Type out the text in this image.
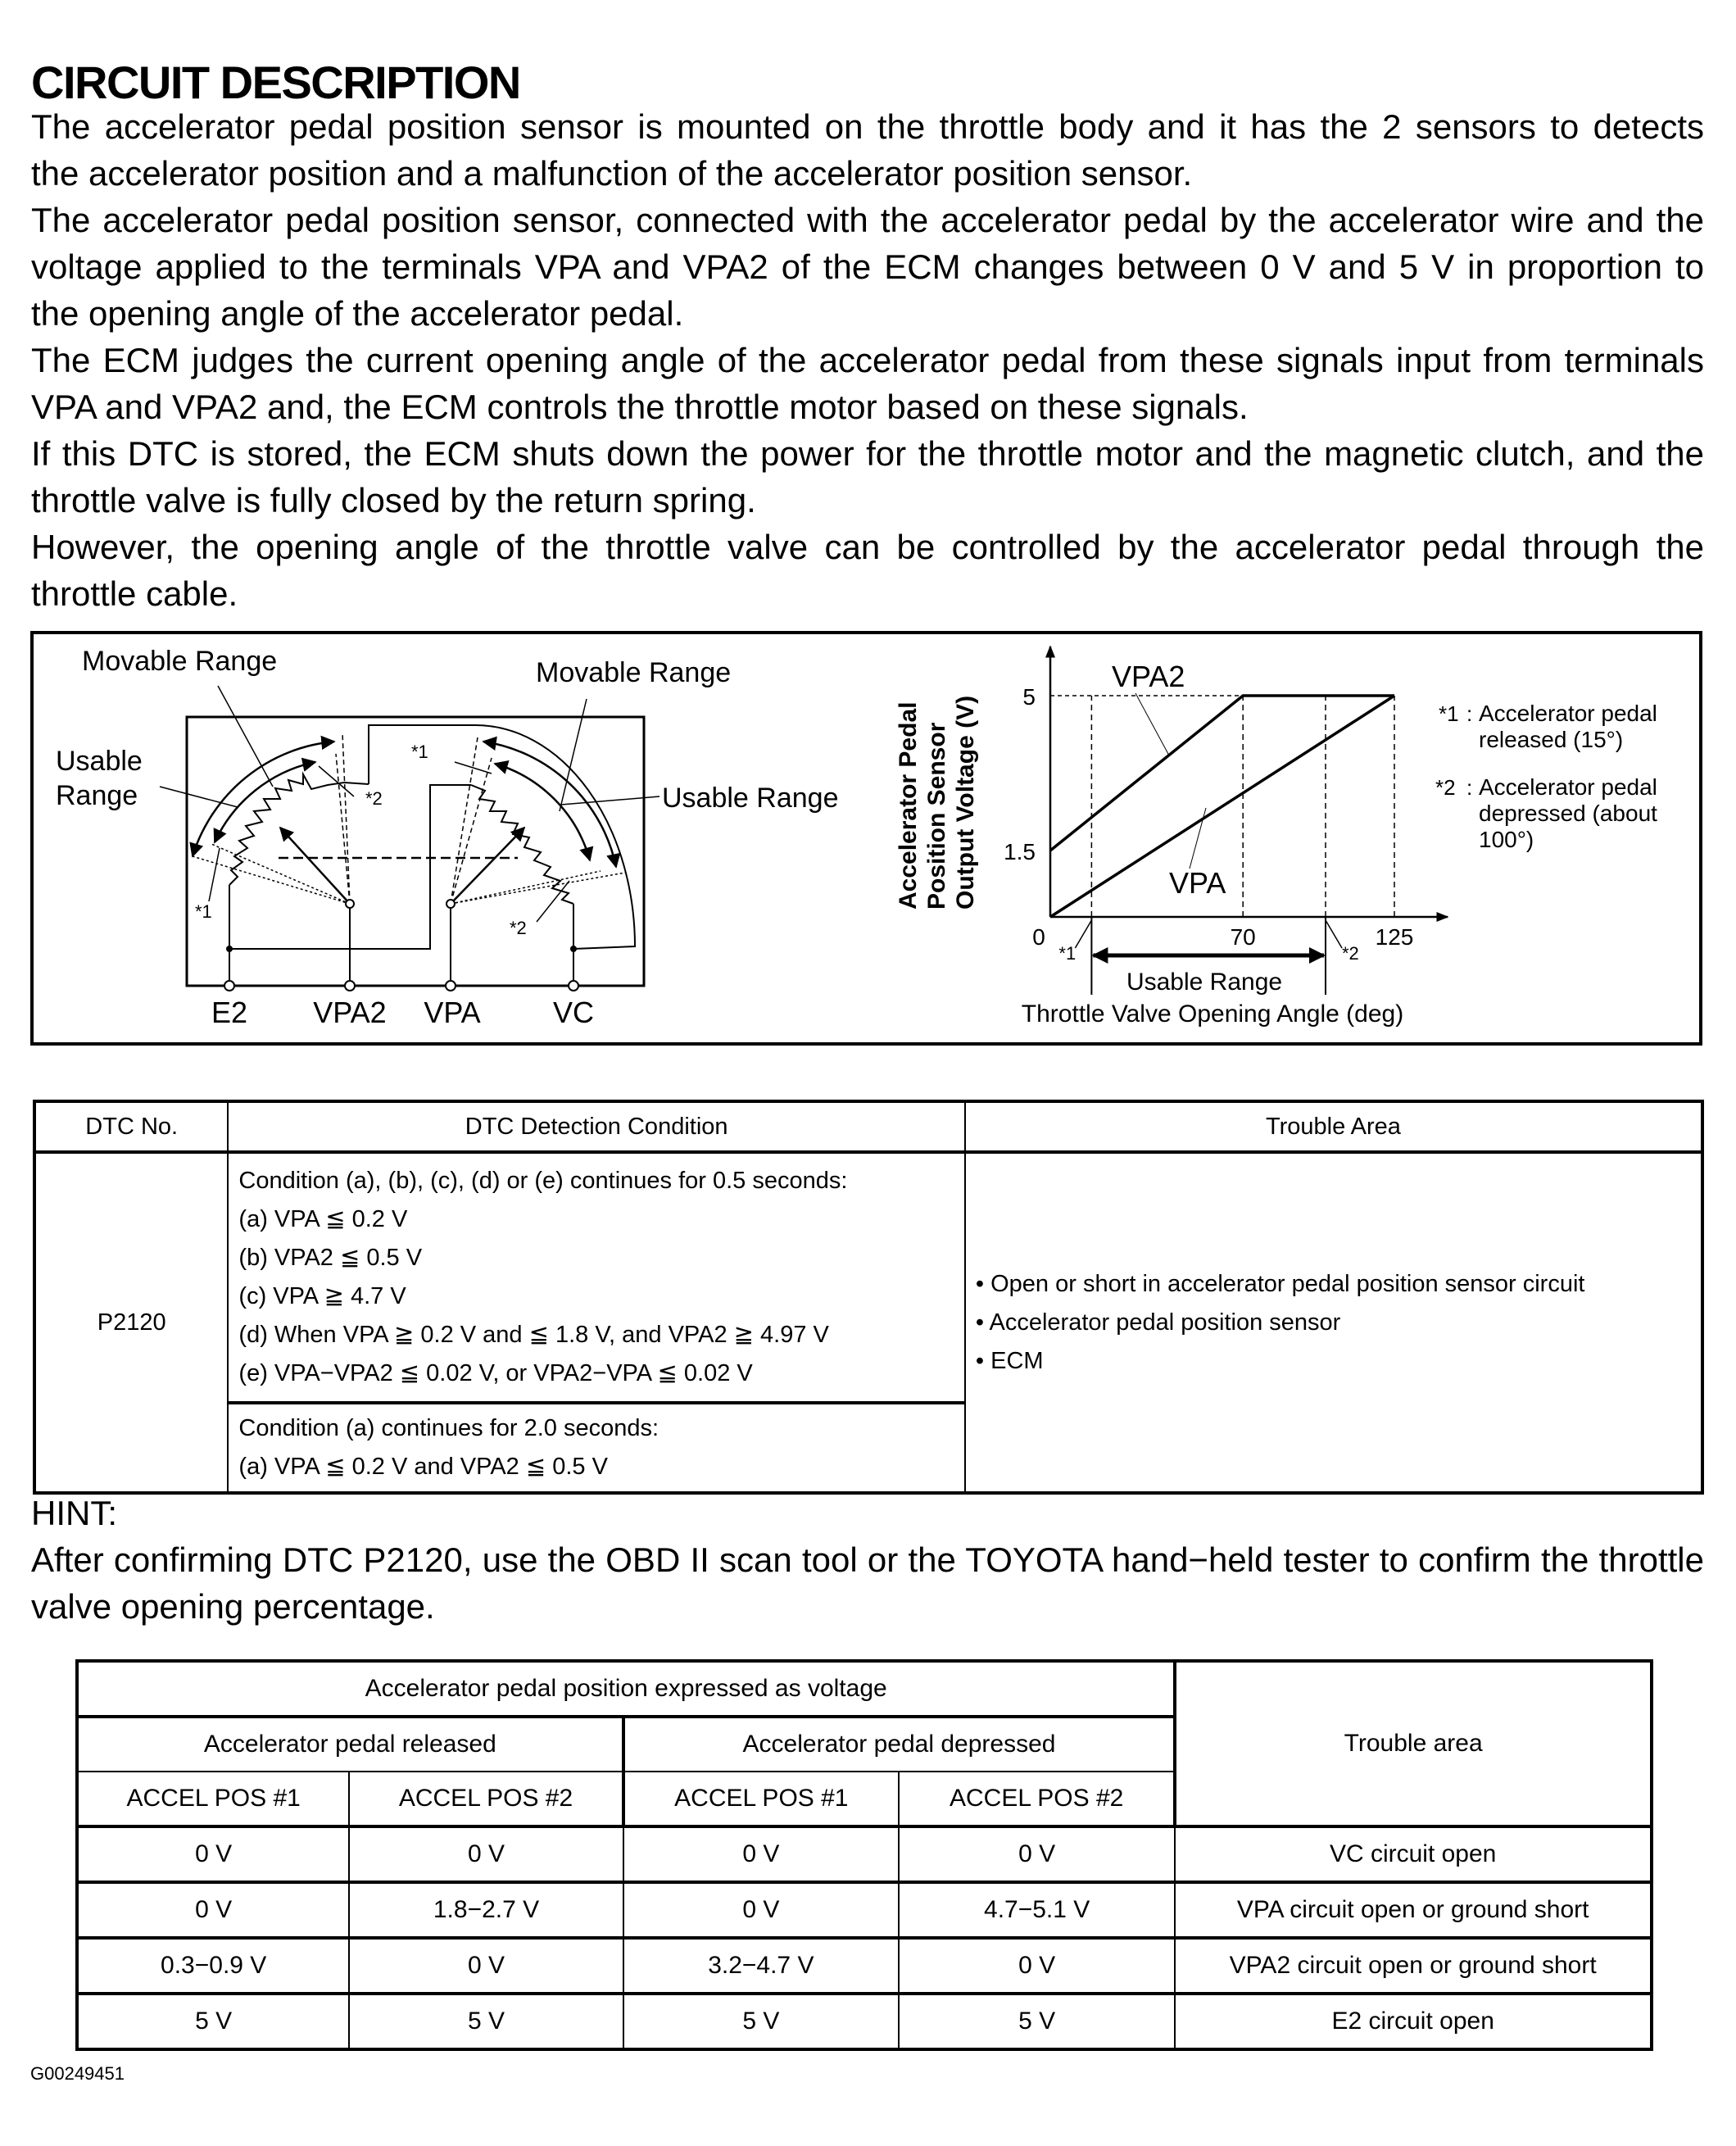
CIRCUIT DESCRIPTION
The accelerator pedal position sensor is mounted on the throttle body and it has the 2 sensors to detects
the accelerator position and a malfunction of the accelerator position sensor.
The accelerator pedal position sensor, connected with the accelerator pedal by the accelerator wire and the
voltage applied to the terminals VPA and VPA2 of the ECM changes between 0 V and 5 V in proportion to
the opening angle of the accelerator pedal.
The ECM judges the current opening angle of the accelerator pedal from these signals input from terminals
VPA and VPA2 and, the ECM controls the throttle motor based on these signals.
If this DTC is stored, the ECM shuts down the power for the throttle motor and the magnetic clutch, and the
throttle valve is fully closed by the return spring.
However, the opening angle of the throttle valve can be controlled by the accelerator pedal through the
throttle cable.
Movable Range	Movable Range
Usable
Range	Usable Range
*1
*2
*1
*2
E2 VPA2 VPA VC
Accelerator Pedal Position Sensor Output Voltage (V)
VPA2
VPA
1.5
5
0	70	125
*1	*2
Throttle Valve Opening Angle (deg)
Usable Range
*1 : Accelerator pedal
released (15°)
*2 : Accelerator pedal
depressed (about
100°)
DTC No.	DTC Detection Condition	Trouble Area
P2120	
Condition (a), (b), (c), (d) or (e) continues for 0.5 seconds:
(a) VPA ≦ 0.2 V
(b) VPA2 ≦ 0.5 V
(c) VPA ≧ 4.7 V
(d) When VPA ≧ 0.2 V and ≦ 1.8 V, and VPA2 ≧ 4.97 V
(e) VPA−VPA2 ≦ 0.02 V, or VPA2−VPA ≦ 0.02 V

• Open or short in accelerator pedal position sensor circuit
• Accelerator pedal position sensor
• ECM

	Condition (a) continues for 2.0 seconds:
(a) VPA ≦ 0.2 V and VPA2 ≦ 0.5 V	
HINT:
After confirming DTC P2120, use the OBD II scan tool or the TOYOTA hand−held tester to confirm the throttle
valve opening percentage.
Accelerator pedal position expressed as voltage				Trouble area
Accelerator pedal released		Accelerator pedal depressed		
ACCEL POS #1	ACCEL POS #2	ACCEL POS #1	ACCEL POS #2	
0 V	0 V	0 V	0 V	VC circuit open
0 V	1.8−2.7 V	0 V	4.7−5.1 V	VPA circuit open or ground short
0.3−0.9 V	0 V	3.2−4.7 V	0 V	VPA2 circuit open or ground short
5 V	5 V	5 V	5 V	E2 circuit open
G00249451
